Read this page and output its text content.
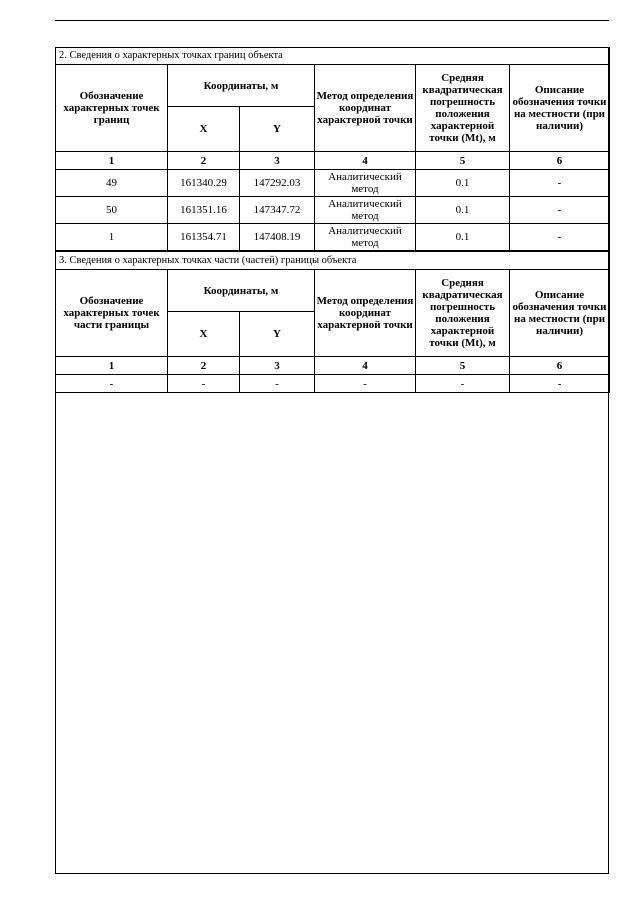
2. Сведения о характерных точках границ объекта					
Обозначение характерных точек границ	Координаты, м		Метод определения координат характерной точки	Средняя квадратическая погрешность положения характерной точки (Mt), м	Описание обозначения точки на местности (при наличии)
	X	Y			
1	2	3	4	5	6
49	161340.29	147292.03	Аналитический метод	0.1	-
50	161351.16	147347.72	Аналитический метод	0.1	-
1	161354.71	147408.19	Аналитический метод	0.1	-
3. Сведения о характерных точках части (частей) границы объекта					
Обозначение характерных точек части границы	Координаты, м		Метод определения координат характерной точки	Средняя квадратическая погрешность положения характерной точки (Mt), м	Описание обозначения точки на местности (при наличии)
	X	Y			
1	2	3	4	5	6
-	-	-	-	-	-
